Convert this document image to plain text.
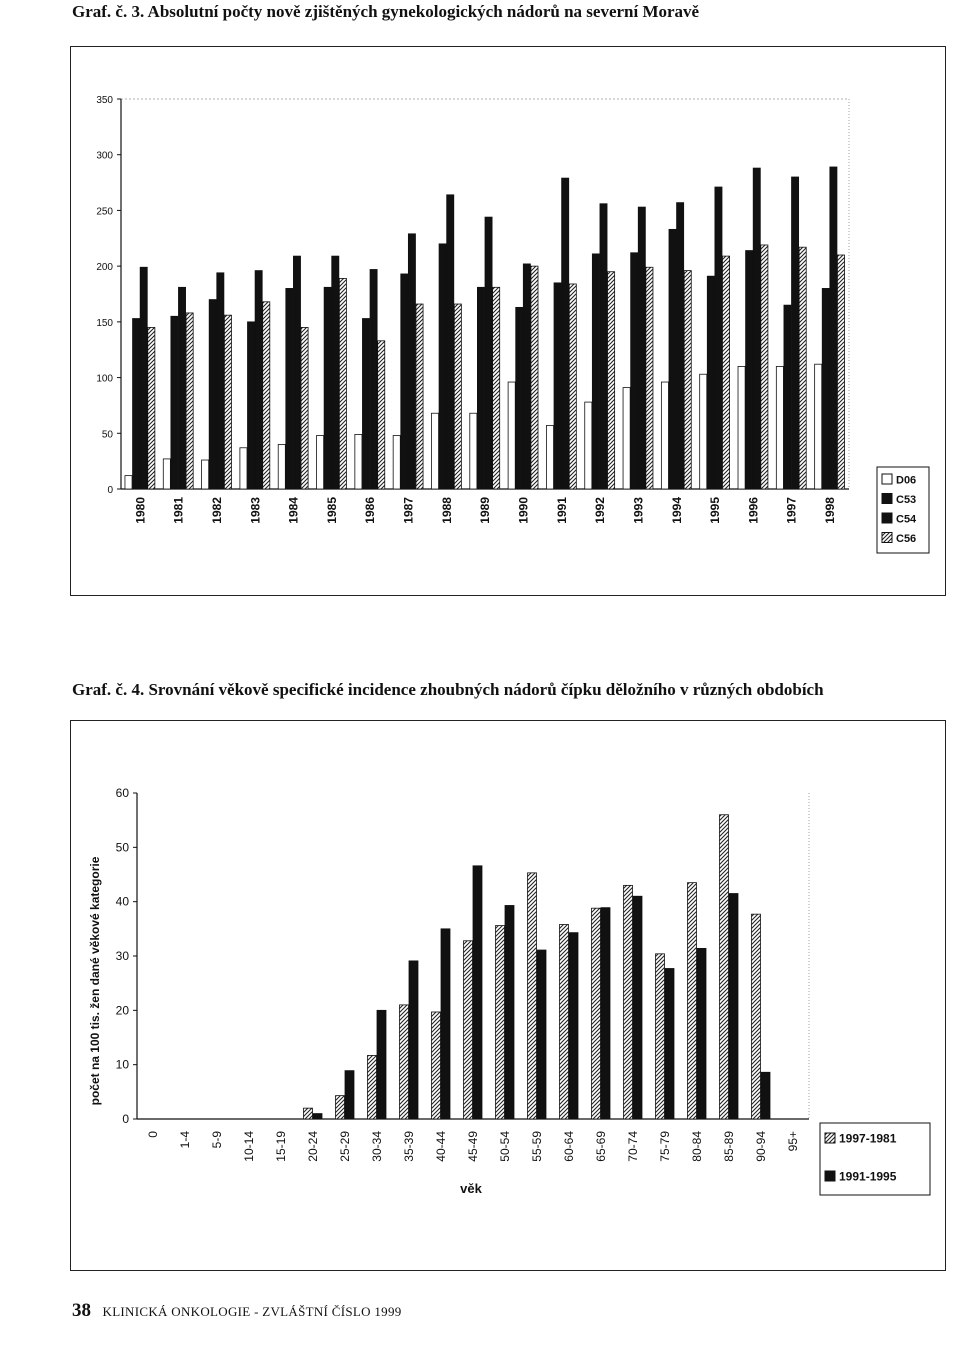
Graf. č. 3. Absolutní počty nově zjištěných gynekologických nádorů na severní Moravě

0
50
100
150
200
250
300
350
1980 1981 1982 1983 1984 1985 1986 1987 1988 1989 1990 1991 1992 1993 1994 1995 1996 1997 1998
D06
C53
C54
C56

Graf. č. 4. Srovnání věkově specifické incidence zhoubných nádorů čípku děložního v různých obdobích

0
10
20
30
40
50
60
0 1-4 5-9 10-14 15-19 20-24 25-29 30-34 35-39 40-44 45-49 50-54 55-59 60-64 65-69 70-74 75-79 80-84 85-89 90-94 95+	1997-1981
1991-1995
věk
počet na 100 tis. žen dané věkové kategorie

38 KLINICKÁ ONKOLOGIE - ZVLÁŠTNÍ ČÍSLO 1999
